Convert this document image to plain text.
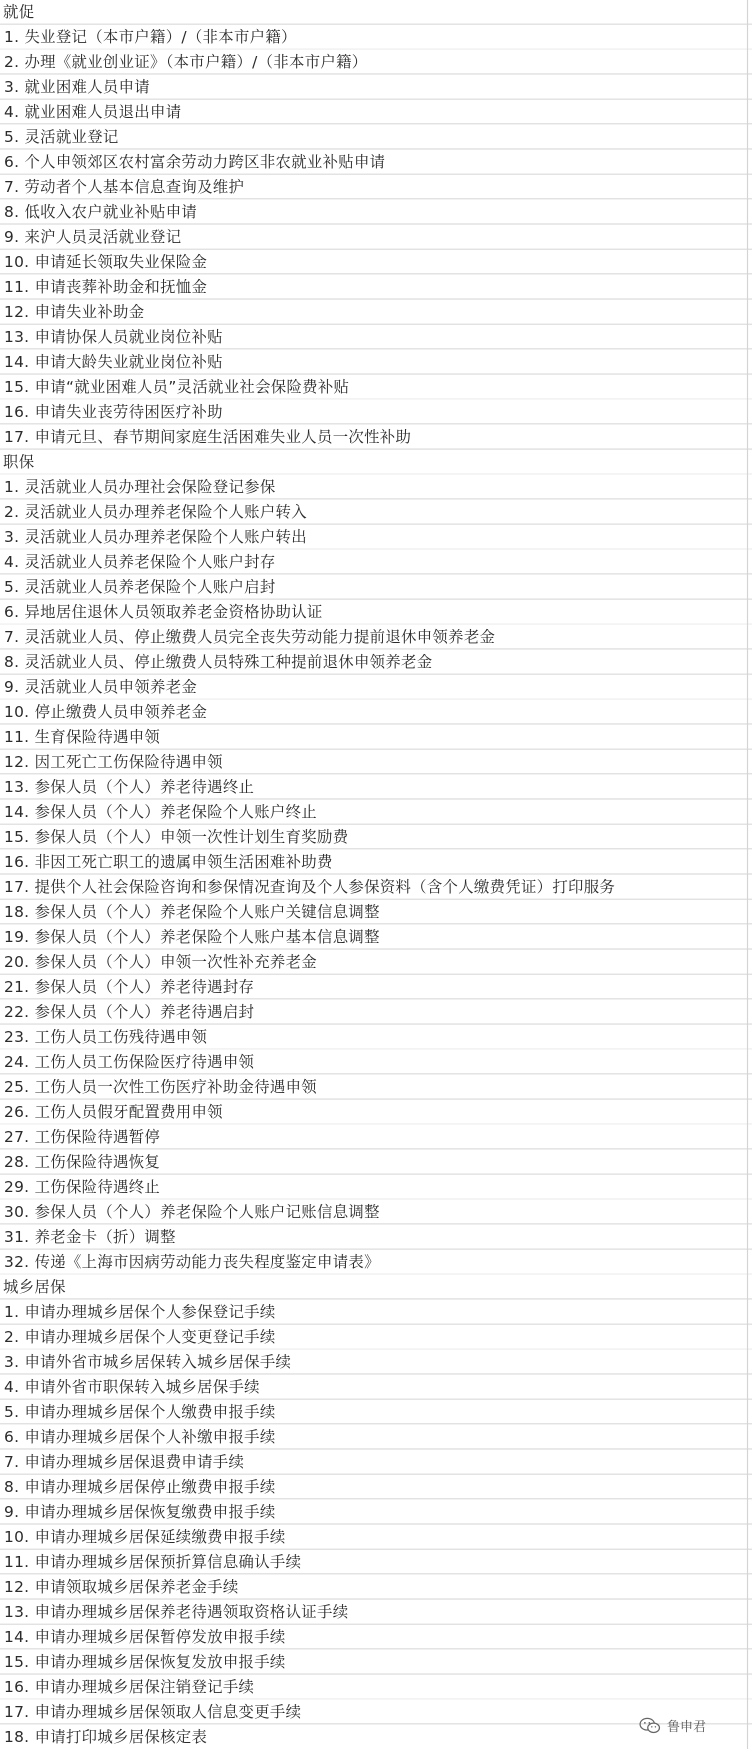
就促
1. 失业登记（本市户籍）/（非本市户籍）
2. 办理《就业创业证》（本市户籍）/（非本市户籍）
3. 就业困难人员申请
4. 就业困难人员退出申请
5. 灵活就业登记
6. 个人申领郊区农村富余劳动力跨区非农就业补贴申请
7. 劳动者个人基本信息查询及维护
8. 低收入农户就业补贴申请
9. 来沪人员灵活就业登记
10. 申请延长领取失业保险金
11. 申请丧葬补助金和抚恤金
12. 申请失业补助金
13. 申请协保人员就业岗位补贴
14. 申请大龄失业就业岗位补贴
15. 申请“就业困难人员”灵活就业社会保险费补贴
16. 申请失业丧劳待困医疗补助
17. 申请元旦、春节期间家庭生活困难失业人员一次性补助
职保
1. 灵活就业人员办理社会保险登记参保
2. 灵活就业人员办理养老保险个人账户转入
3. 灵活就业人员办理养老保险个人账户转出
4. 灵活就业人员养老保险个人账户封存
5. 灵活就业人员养老保险个人账户启封
6. 异地居住退休人员领取养老金资格协助认证
7. 灵活就业人员、停止缴费人员完全丧失劳动能力提前退休申领养老金
8. 灵活就业人员、停止缴费人员特殊工种提前退休申领养老金
9. 灵活就业人员申领养老金
10. 停止缴费人员申领养老金
11. 生育保险待遇申领
12. 因工死亡工伤保险待遇申领
13. 参保人员（个人）养老待遇终止
14. 参保人员（个人）养老保险个人账户终止
15. 参保人员（个人）申领一次性计划生育奖励费
16. 非因工死亡职工的遗属申领生活困难补助费
17. 提供个人社会保险咨询和参保情况查询及个人参保资料（含个人缴费凭证）打印服务
18. 参保人员（个人）养老保险个人账户关键信息调整
19. 参保人员（个人）养老保险个人账户基本信息调整
20. 参保人员（个人）申领一次性补充养老金
21. 参保人员（个人）养老待遇封存
22. 参保人员（个人）养老待遇启封
23. 工伤人员工伤残待遇申领
24. 工伤人员工伤保险医疗待遇申领
25. 工伤人员一次性工伤医疗补助金待遇申领
26. 工伤人员假牙配置费用申领
27. 工伤保险待遇暂停
28. 工伤保险待遇恢复
29. 工伤保险待遇终止
30. 参保人员（个人）养老保险个人账户记账信息调整
31. 养老金卡（折）调整
32. 传递《上海市因病劳动能力丧失程度鉴定申请表》
城乡居保
1. 申请办理城乡居保个人参保登记手续
2. 申请办理城乡居保个人变更登记手续
3. 申请外省市城乡居保转入城乡居保手续
4. 申请外省市职保转入城乡居保手续
5. 申请办理城乡居保个人缴费申报手续
6. 申请办理城乡居保个人补缴申报手续
7. 申请办理城乡居保退费申请手续
8. 申请办理城乡居保停止缴费申报手续
9. 申请办理城乡居保恢复缴费申报手续
10. 申请办理城乡居保延续缴费申报手续
11. 申请办理城乡居保预折算信息确认手续
12. 申请领取城乡居保养老金手续
13. 申请办理城乡居保养老待遇领取资格认证手续
14. 申请办理城乡居保暂停发放申报手续
15. 申请办理城乡居保恢复发放申报手续
16. 申请办理城乡居保注销登记手续
17. 申请办理城乡居保领取人信息变更手续
18. 申请打印城乡居保核定表
鲁申君
